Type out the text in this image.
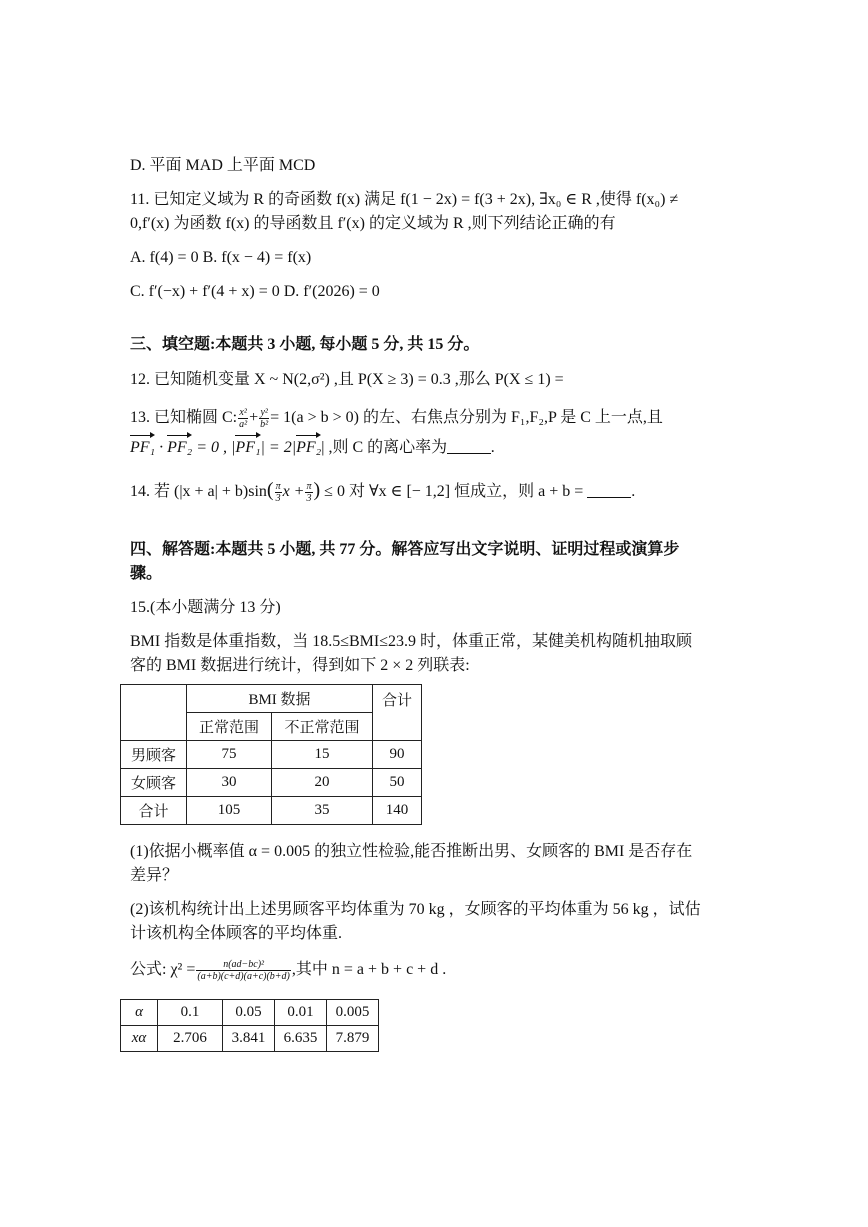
D. 平面 MAD 上平面 MCD
11. 已知定义域为 R 的奇函数 f(x) 满足 f(1 − 2x) = f(3 + 2x), ∃x₀ ∈ R ,使得 f(x₀) ≠
0,f′(x) 为函数 f(x) 的导函数且 f′(x) 的定义域为 R ,则下列结论正确的有
A. f(4) = 0 B. f(x − 4) = f(x)
C. f′(−x) + f′(4 + x) = 0 D. f′(2026) = 0
三、填空题:本题共 3 小题, 每小题 5 分, 共 15 分。
12. 已知随机变量 X ~ N(2,σ²) ,且 P(X ≥ 3) = 0.3 ,那么 P(X ≤ 1) =
13. 已知椭圆 C: $\frac{\text{x²}}{\text{a²}} + \frac{\text{y²}}{\text{b²}} = 1(a > b > 0)$ 的左、右焦点分别为 F₁,F₂,P 是 C 上一点,且
PF₁ · PF₂ = 0 , |PF₁| = 2|PF₂| ,则 C 的离心率为	.
14. 若 $(|x + a| + b)\sin( \frac{\pi}{3}$ $x + \frac{\pi}{3}$ ) ≤ 0 对 ∀x ∈ [− 1,2] 恒成立，则 a + b =	.
四、解答题:本题共 5 小题, 共 77 分。解答应写出文字说明、证明过程或演算步
骤。
15.(本小题满分 13 分)
BMI 指数是体重指数，当 18.5≤BMI≤23.9 时，体重正常，某健美机构随机抽取顾
客的 BMI 数据进行统计，得到如下 2 × 2 列联表:
	BMI 数据		合计
	正常范围	不正常范围	
男顾客	75	15	90
女顾客	30	20	50
合计	105	35	140
(1)依据小概率值 α = 0.005 的独立性检验,能否推断出男、女顾客的 BMI 是否存在
差异？
(2)该机构统计出上述男顾客平均体重为 70 kg ，女顾客的平均体重为 56 kg ，试估
计该机构全体顾客的平均体重.
公式: $\chi^2 = \frac{\text{n(ad−bc)²}}{(a+b)(c+d)(a+c)(b+d)}$ ,其中 n = a + b + c + d .
α	0.1	0.05	0.01	0.005
xα	2.706	3.841	6.635	7.879
